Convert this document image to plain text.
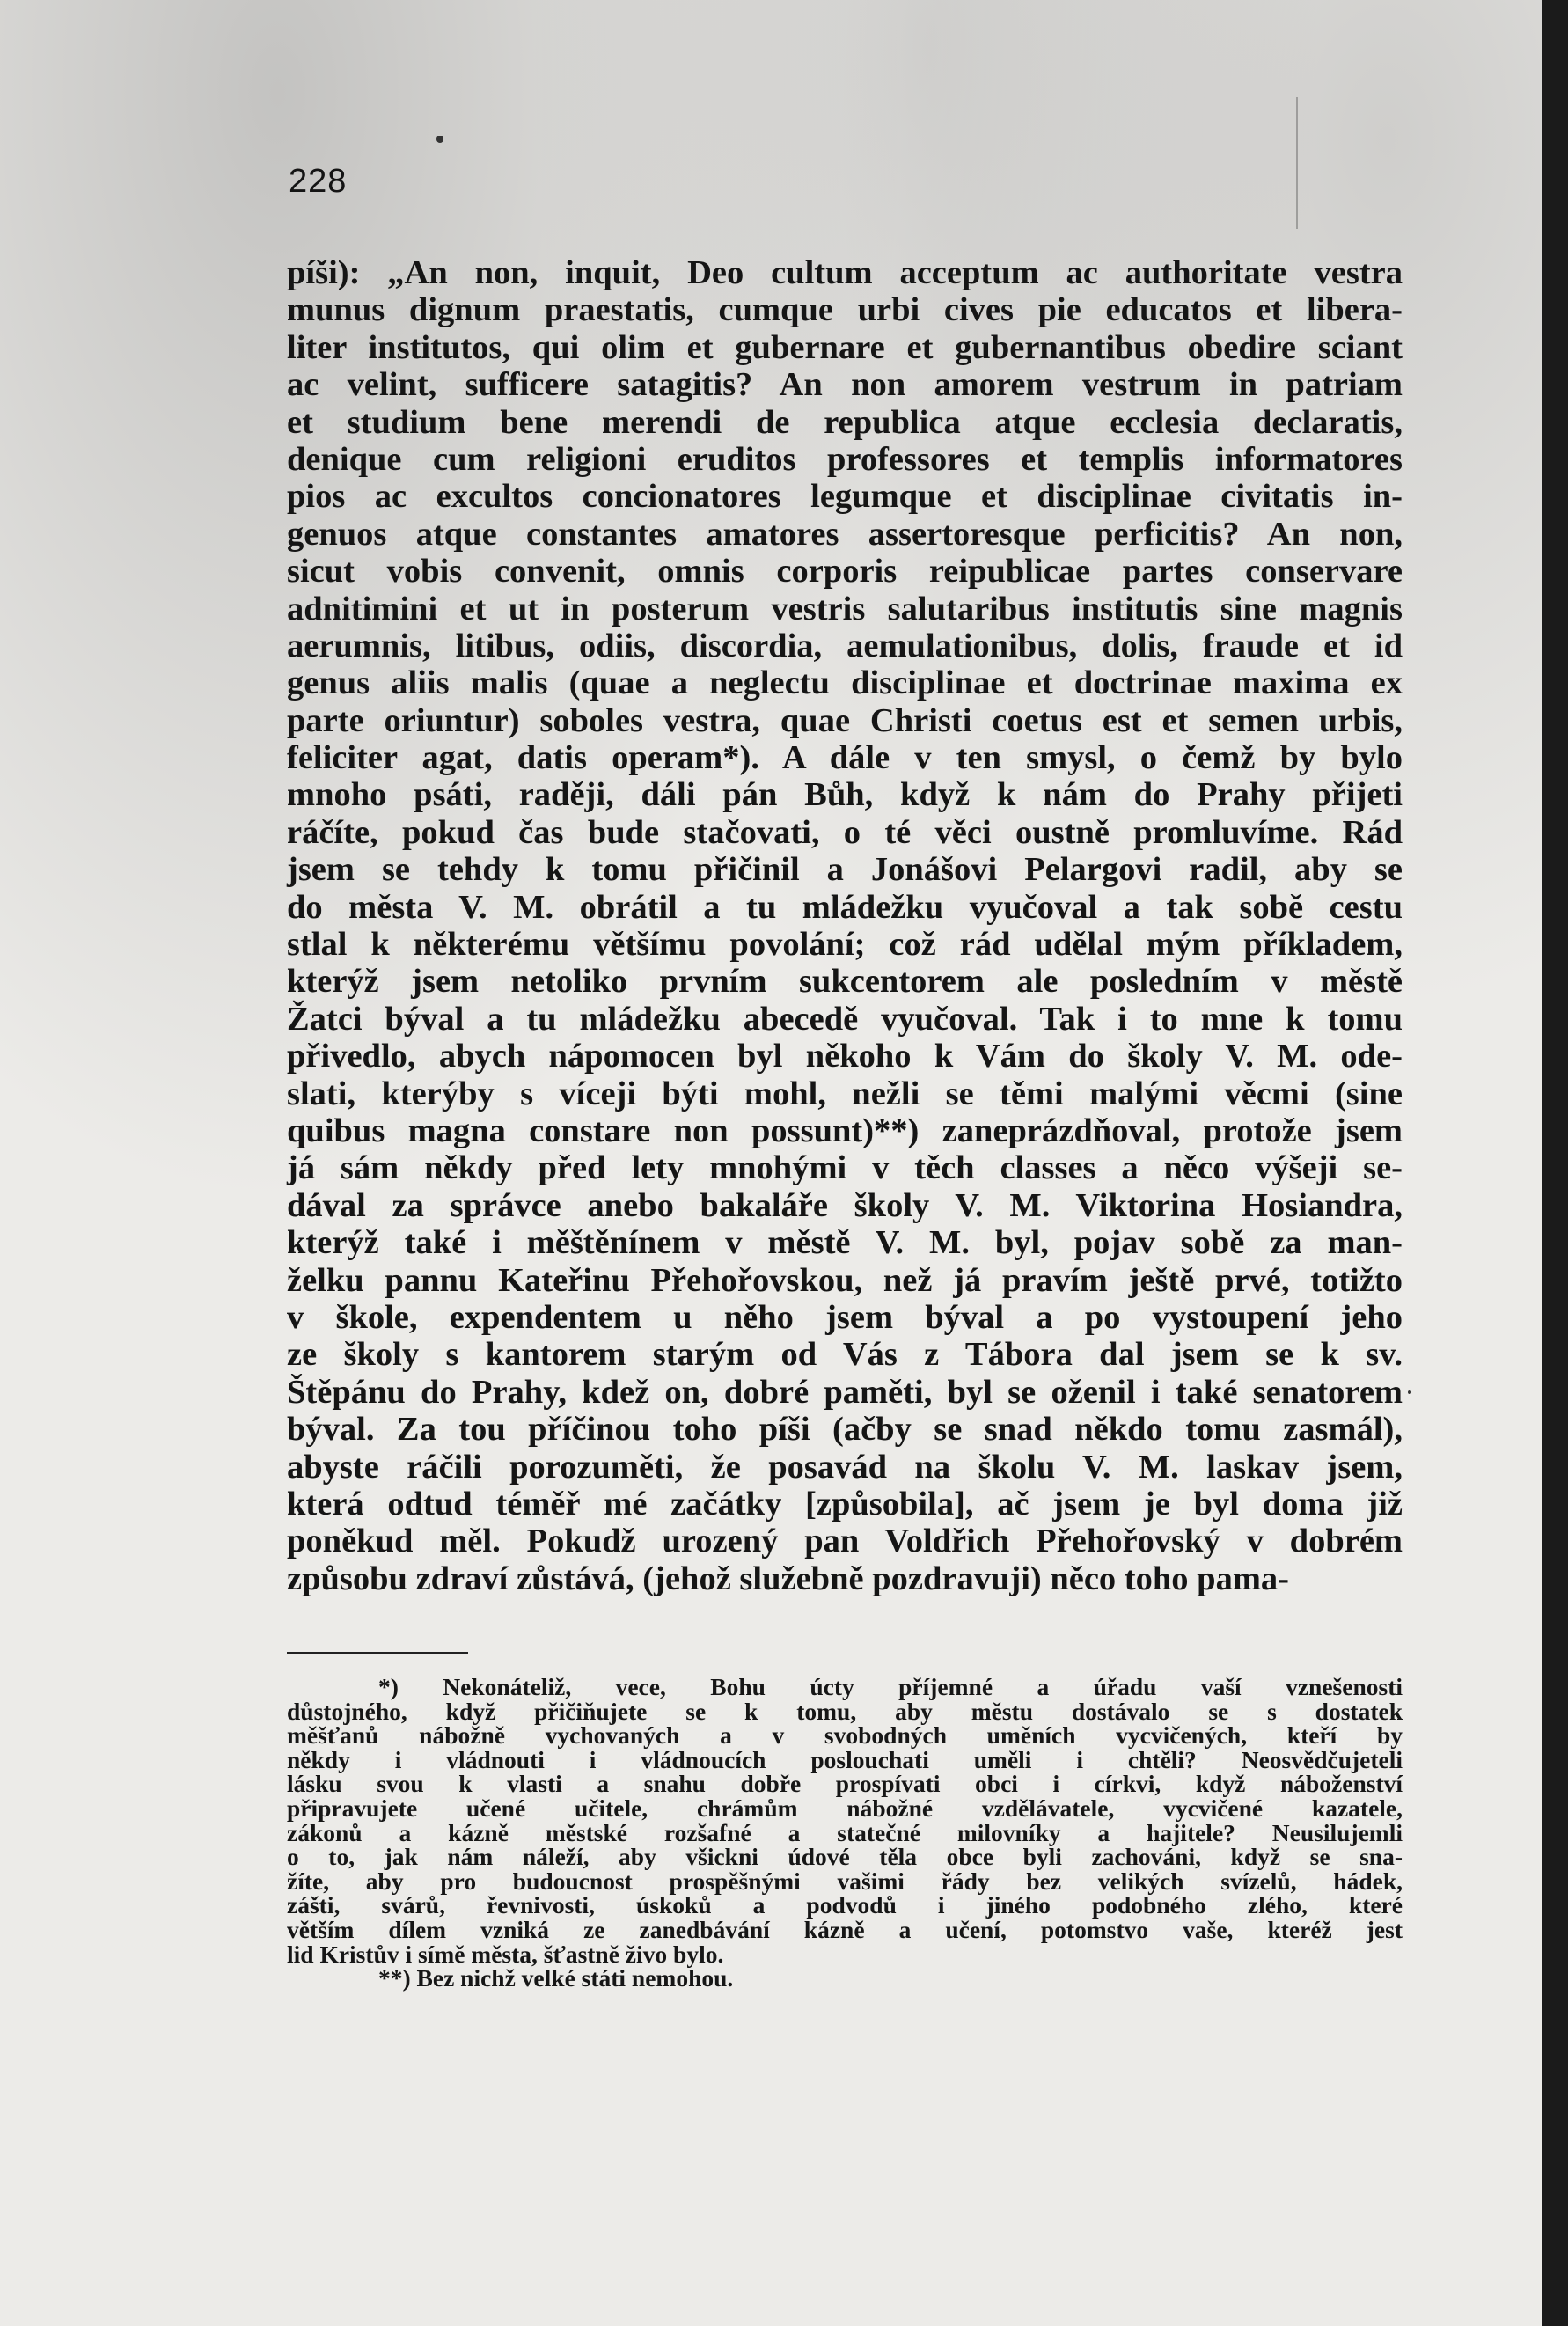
228
píši): „An non, inquit, Deo cultum acceptum ac authoritate vestra
munus dignum praestatis, cumque urbi cives pie educatos et libera-
liter institutos, qui olim et gubernare et gubernantibus obedire sciant
ac velint, sufficere satagitis? An non amorem vestrum in patriam
et studium bene merendi de republica atque ecclesia declaratis,
denique cum religioni eruditos professores et templis informatores
pios ac excultos concionatores legumque et disciplinae civitatis in-
genuos atque constantes amatores assertoresque perficitis? An non,
sicut vobis convenit, omnis corporis reipublicae partes conservare
adnitimini et ut in posterum vestris salutaribus institutis sine magnis
aerumnis, litibus, odiis, discordia, aemulationibus, dolis, fraude et id
genus aliis malis (quae a neglectu disciplinae et doctrinae maxima ex
parte oriuntur) soboles vestra, quae Christi coetus est et semen urbis,
feliciter agat, datis operam*). A dále v ten smysl, o čemž by bylo
mnoho psáti, raději, dáli pán Bůh, když k nám do Prahy přijeti
ráčíte, pokud čas bude stačovati, o té věci oustně promluvíme. Rád
jsem se tehdy k tomu přičinil a Jonášovi Pelargovi radil, aby se
do města V. M. obrátil a tu mládežku vyučoval a tak sobě cestu
stlal k některému většímu povolání; což rád udělal mým příkladem,
kterýž jsem netoliko prvním sukcentorem ale posledním v městě
Žatci býval a tu mládežku abecedě vyučoval. Tak i to mne k tomu
přivedlo, abych nápomocen byl někoho k Vám do školy V. M. ode-
slati, kterýby s víceji býti mohl, nežli se těmi malými věcmi (sine
quibus magna constare non possunt)**) zaneprázdňoval, protože jsem
já sám někdy před lety mnohými v těch classes a něco výšeji se-
dával za správce anebo bakaláře školy V. M. Viktorina Hosiandra,
kterýž také i měštěnínem v městě V. M. byl, pojav sobě za man-
želku pannu Kateřinu Přehořovskou, než já pravím ještě prvé, totižto
v škole, expendentem u něho jsem býval a po vystoupení jeho
ze školy s kantorem starým od Vás z Tábora dal jsem se k sv.
Štěpánu do Prahy, kdež on, dobré paměti, byl se oženil i také senatorem
býval. Za tou příčinou toho píši (ačby se snad někdo tomu zasmál),
abyste ráčili porozuměti, že posavád na školu V. M. laskav jsem,
která odtud téměř mé začátky [způsobila], ač jsem je byl doma již
poněkud měl. Pokudž urozený pan Voldřich Přehořovský v dobrém
způsobu zdraví zůstává, (jehož služebně pozdravuji) něco toho pama-
*) Nekonáteliž, vece, Bohu úcty příjemné a úřadu vaší vznešenosti
důstojného, když přičiňujete se k tomu, aby městu dostávalo se s dostatek
měšťanů nábožně vychovaných a v svobodných uměních vycvičených, kteří by
někdy i vládnouti i vládnoucích poslouchati uměli i chtěli? Neosvědčujeteli
lásku svou k vlasti a snahu dobře prospívati obci i církvi, když náboženství
připravujete učené učitele, chrámům nábožné vzdělávatele, vycvičené kazatele,
zákonů a kázně městské rozšafné a statečné milovníky a hajitele? Neusilujemli
o to, jak nám náleží, aby všickni údové těla obce byli zachováni, když se sna-
žíte, aby pro budoucnost prospěšnými vašimi řády bez velikých svízelů, hádek,
zášti, svárů, řevnivosti, úskoků a podvodů i jiného podobného zlého, které
větším dílem vzniká ze zanedbávání kázně a učení, potomstvo vaše, kteréž jest
lid Kristův i símě města, šťastně živo bylo.
**) Bez nichž velké státi nemohou.
